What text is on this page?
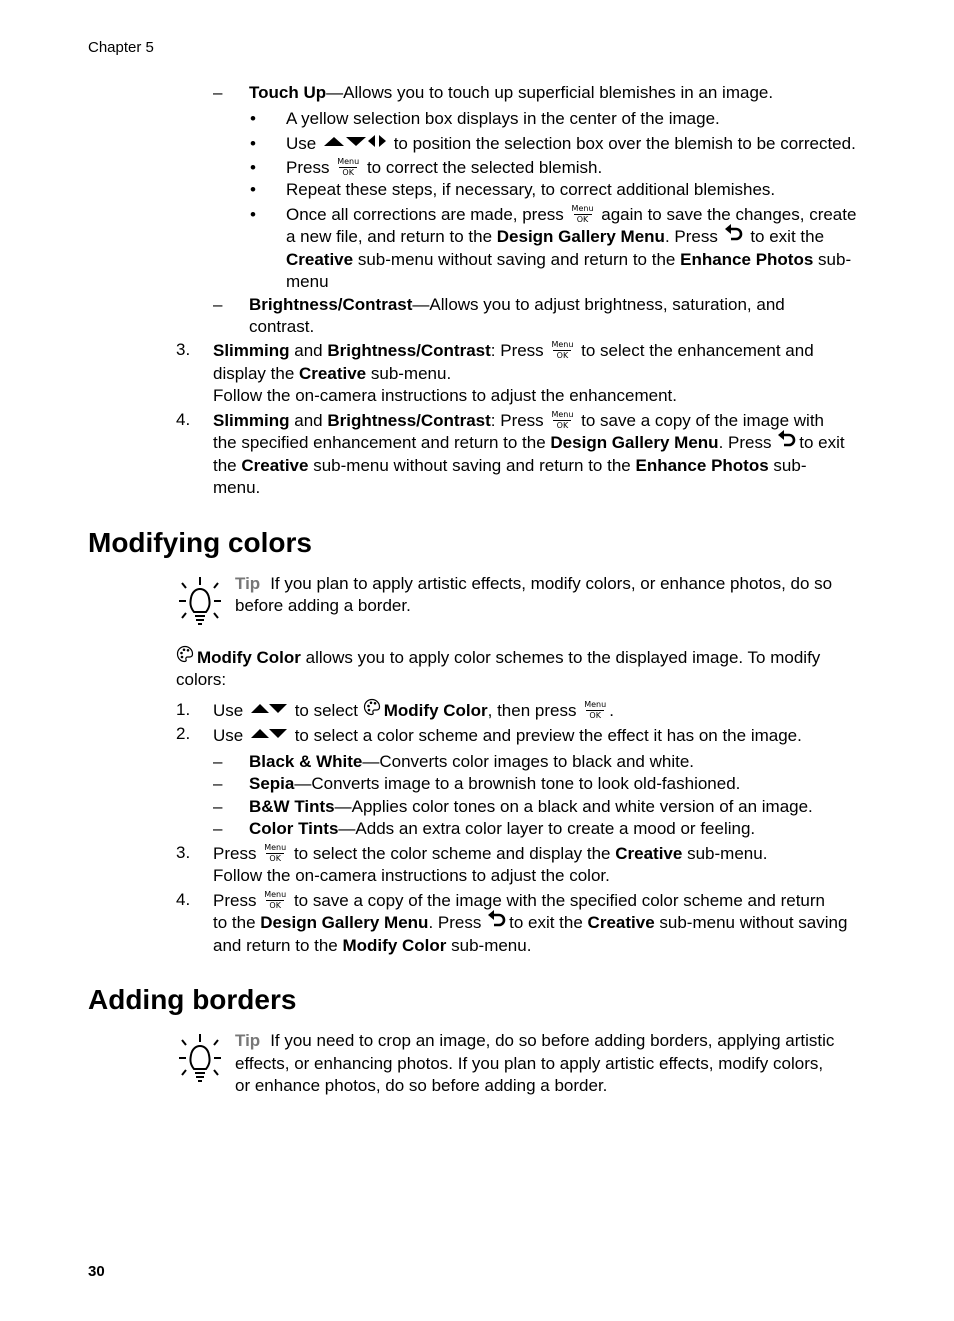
Chapter 5
– Touch Up—Allows you to touch up superficial blemishes in an image.
• A yellow selection box displays in the center of the image.
• Use	to position the selection box over the blemish to be corrected.
• Press Menu
OK to correct the selected blemish.
• Repeat these steps, if necessary, to correct additional blemishes.
• Once all corrections are made, press Menu
OK again to save the changes, create
a new file, and return to the Design Gallery Menu. Press to exit the
Creative sub-menu without saving and return to the Enhance Photos sub-
menu
– Brightness/Contrast—Allows you to adjust brightness, saturation, and
contrast.
3. Slimming and Brightness/Contrast: Press Menu
OK to select the enhancement and
display the Creative sub-menu.
Follow the on-camera instructions to adjust the enhancement.
4. Slimming and Brightness/Contrast: Press Menu
OK to save a copy of the image with
the specified enhancement and return to the Design Gallery Menu. Press to exit
the Creative sub-menu without saving and return to the Enhance Photos sub-
menu.
Modifying colors
Tip If you plan to apply artistic effects, modify colors, or enhance photos, do so
before adding a border.
Modify Color allows you to apply color schemes to the displayed image. To modify
colors:
1. Use	to select Modify Color, then press Menu
OK .
2. Use	to select a color scheme and preview the effect it has on the image.
– Black & White—Converts color images to black and white.
– Sepia—Converts image to a brownish tone to look old-fashioned.
– B&W Tints—Applies color tones on a black and white version of an image.
– Color Tints—Adds an extra color layer to create a mood or feeling.
3. Press Menu
OK to select the color scheme and display the Creative sub-menu.
Follow the on-camera instructions to adjust the color.
4. Press Menu
OK to save a copy of the image with the specified color scheme and return
to the Design Gallery Menu. Press to exit the Creative sub-menu without saving
and return to the Modify Color sub-menu.
Adding borders
Tip If you need to crop an image, do so before adding borders, applying artistic
effects, or enhancing photos. If you plan to apply artistic effects, modify colors,
or enhance photos, do so before adding a border.
30
